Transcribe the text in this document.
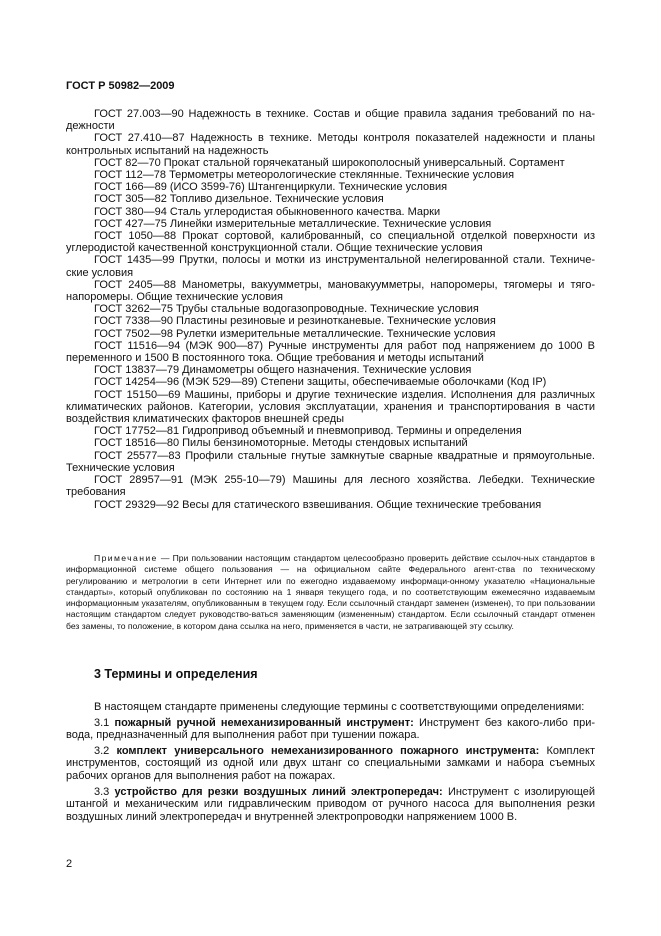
ГОСТ Р 50982—2009

ГОСТ 27.003—90 Надежность в технике. Состав и общие правила задания требований по на-дежности

ГОСТ 27.410—87 Надежность в технике. Методы контроля показателей надежности и планы контрольных испытаний на надежность

ГОСТ 82—70 Прокат стальной горячекатаный широкополосный универсальный. Сортамент

ГОСТ 112—78 Термометры метеорологические стеклянные. Технические условия

ГОСТ 166—89 (ИСО 3599-76) Штангенциркули. Технические условия

ГОСТ 305—82 Топливо дизельное. Технические условия

ГОСТ 380—94 Сталь углеродистая обыкновенного качества. Марки

ГОСТ 427—75 Линейки измерительные металлические. Технические условия

ГОСТ 1050—88 Прокат сортовой, калиброванный, со специальной отделкой поверхности из углеродистой качественной конструкционной стали. Общие технические условия

ГОСТ 1435—99 Прутки, полосы и мотки из инструментальной нелегированной стали. Техниче-ские условия

ГОСТ 2405—88 Манометры, вакуумметры, мановакуумметры, напоромеры, тягомеры и тяго-напоромеры. Общие технические условия

ГОСТ 3262—75 Трубы стальные водогазопроводные. Технические условия

ГОСТ 7338—90 Пластины резиновые и резинотканевые. Технические условия

ГОСТ 7502—98 Рулетки измерительные металлические. Технические условия

ГОСТ 11516—94 (МЭК 900—87) Ручные инструменты для работ под напряжением до 1000 В переменного и 1500 В постоянного тока. Общие требования и методы испытаний

ГОСТ 13837—79 Динамометры общего назначения. Технические условия

ГОСТ 14254—96 (МЭК 529—89) Степени защиты, обеспечиваемые оболочками (Код IP)

ГОСТ 15150—69 Машины, приборы и другие технические изделия. Исполнения для различных климатических районов. Категории, условия эксплуатации, хранения и транспортирования в части воздействия климатических факторов внешней среды

ГОСТ 17752—81 Гидропривод объемный и пневмопривод. Термины и определения

ГОСТ 18516—80 Пилы бензиномоторные. Методы стендовых испытаний

ГОСТ 25577—83 Профили стальные гнутые замкнутые сварные квадратные и прямоугольные. Технические условия

ГОСТ 28957—91 (МЭК 255-10—79) Машины для лесного хозяйства. Лебедки. Технические требования

ГОСТ 29329—92 Весы для статического взвешивания. Общие технические требования

Примечание — При пользовании настоящим стандартом целесообразно проверить действие ссылоч-ных стандартов в информационной системе общего пользования — на официальном сайте Федерального агент-ства по техническому регулированию и метрологии в сети Интернет или по ежегодно издаваемому информаци-онному указателю «Национальные стандарты», который опубликован по состоянию на 1 января текущего года, и по соответствующим ежемесячно издаваемым информационным указателям, опубликованным в текущем году. Если ссылочный стандарт заменен (изменен), то при пользовании настоящим стандартом следует руководство-ваться заменяющим (измененным) стандартом. Если ссылочный стандарт отменен без замены, то положение, в котором дана ссылка на него, применяется в части, не затрагивающей эту ссылку.

3 Термины и определения

В настоящем стандарте применены следующие термины с соответствующими определениями:

3.1 пожарный ручной немеханизированный инструмент: Инструмент без какого-либо при-вода, предназначенный для выполнения работ при тушении пожара.

3.2 комплект универсального немеханизированного пожарного инструмента: Комплект инструментов, состоящий из одной или двух штанг со специальными замками и набора съемных рабочих органов для выполнения работ на пожарах.

3.3 устройство для резки воздушных линий электропередач: Инструмент с изолирующей штангой и механическим или гидравлическим приводом от ручного насоса для выполнения резки воздушных линий электропередач и внутренней электропроводки напряжением 1000 В.

2
